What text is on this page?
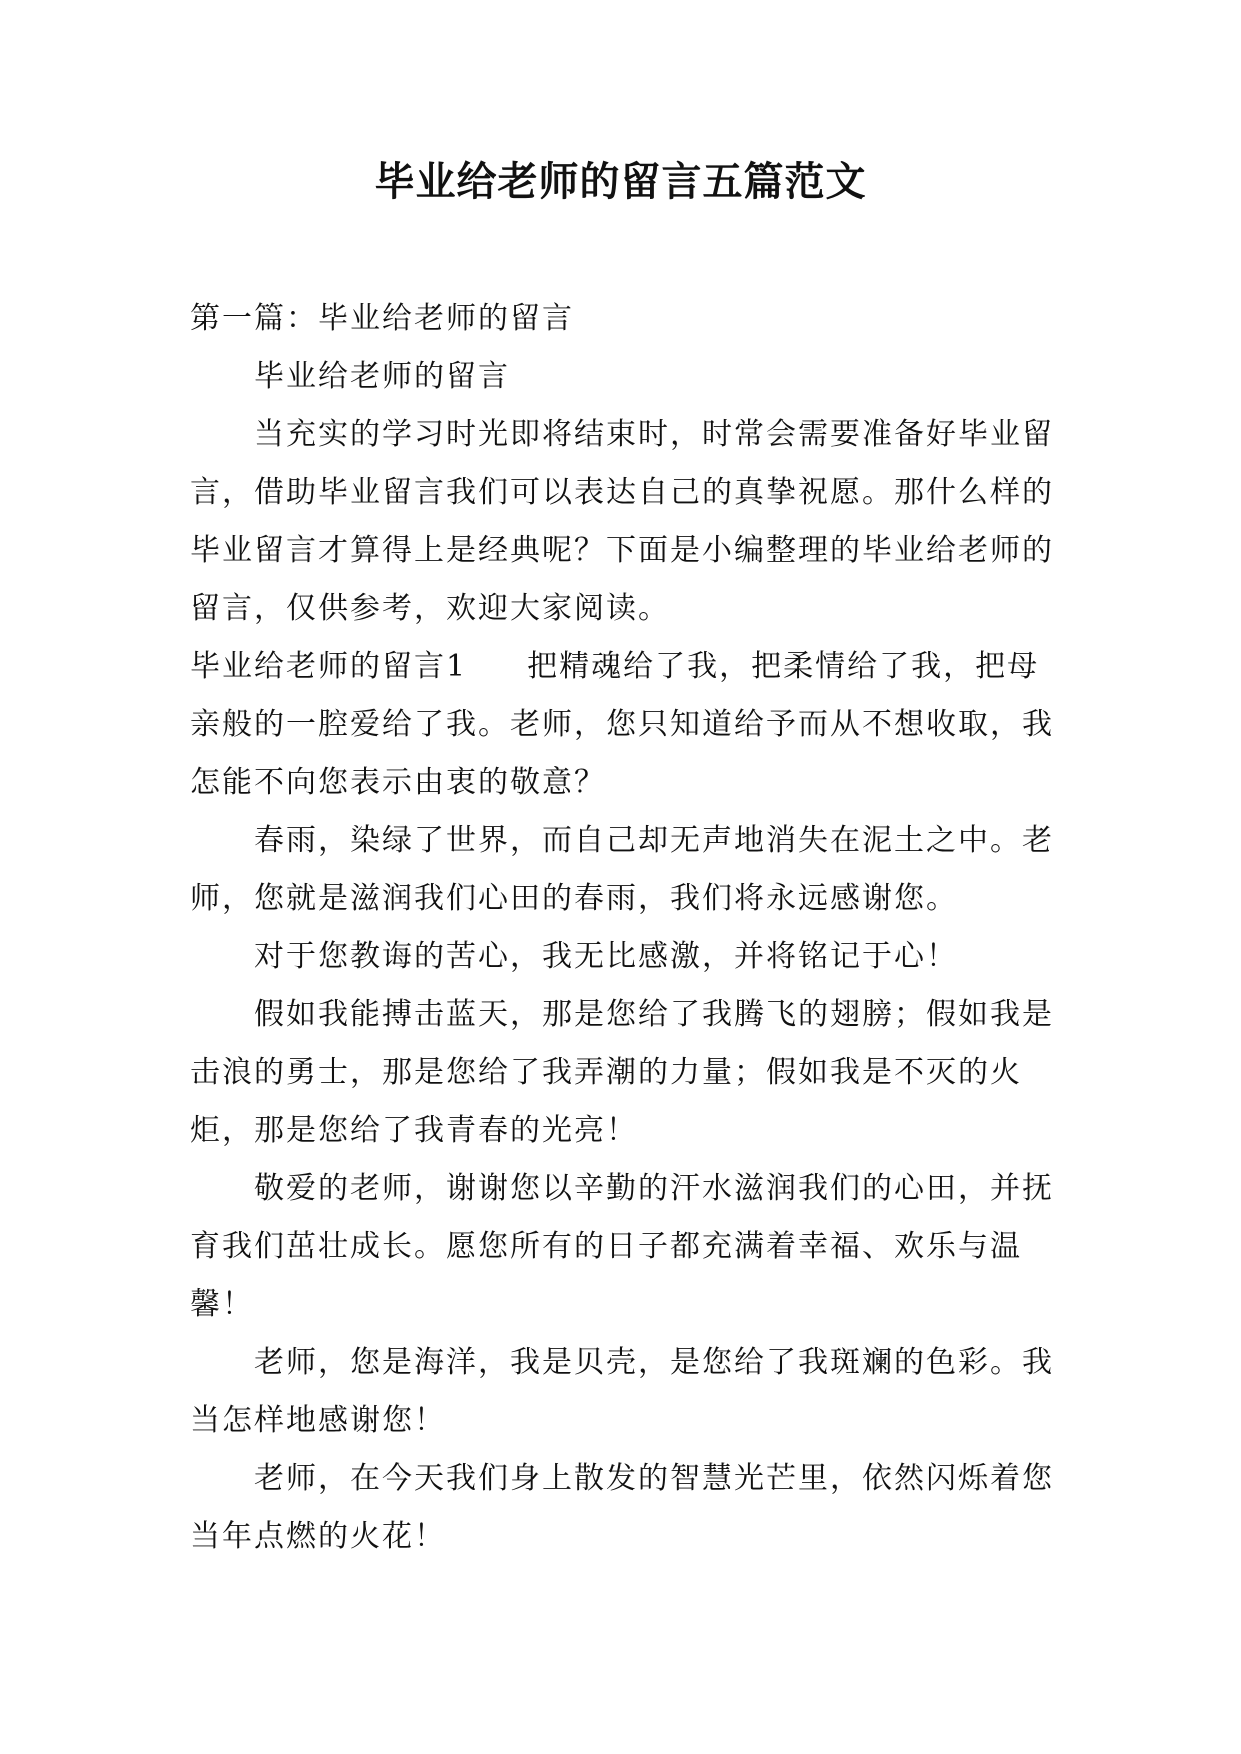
毕业给老师的留言五篇范文

第一篇：毕业给老师的留言

毕业给老师的留言

当充实的学习时光即将结束时，时常会需要准备好毕业留言，借助毕业留言我们可以表达自己的真挚祝愿。那什么样的毕业留言才算得上是经典呢？下面是小编整理的毕业给老师的留言，仅供参考，欢迎大家阅读。

毕业给老师的留言1 把精魂给了我，把柔情给了我，把母亲般的一腔爱给了我。老师，您只知道给予而从不想收取，我怎能不向您表示由衷的敬意？

春雨，染绿了世界，而自己却无声地消失在泥土之中。老师，您就是滋润我们心田的春雨，我们将永远感谢您。

对于您教诲的苦心，我无比感激，并将铭记于心！

假如我能搏击蓝天，那是您给了我腾飞的翅膀；假如我是击浪的勇士，那是您给了我弄潮的力量；假如我是不灭的火炬，那是您给了我青春的光亮！

敬爱的老师，谢谢您以辛勤的汗水滋润我们的心田，并抚育我们茁壮成长。愿您所有的日子都充满着幸福、欢乐与温馨！

老师，您是海洋，我是贝壳，是您给了我斑斓的色彩。我当怎样地感谢您！

老师，在今天我们身上散发的智慧光芒里，依然闪烁着您当年点燃的火花！
